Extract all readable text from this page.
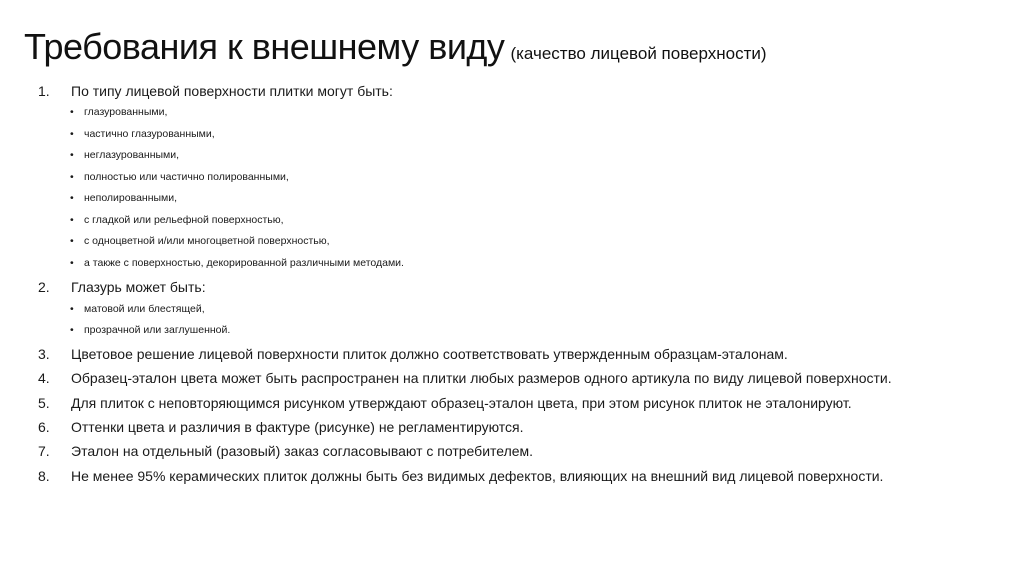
Требования к внешнему виду (качество лицевой поверхности)
1. По типу лицевой поверхности плитки могут быть:
• глазурованными,
• частично глазурованными,
• неглазурованными,
• полностью или частично полированными,
• неполированными,
• с гладкой или рельефной поверхностью,
• с одноцветной и/или многоцветной поверхностью,
• а также с поверхностью, декорированной различными методами.
2. Глазурь может быть:
• матовой или блестящей,
• прозрачной или заглушенной.
3. Цветовое решение лицевой поверхности плиток должно соответствовать утвержденным образцам-эталонам.
4. Образец-эталон цвета может быть распространен на плитки любых размеров одного артикула по виду лицевой поверхности.
5. Для плиток с неповторяющимся рисунком утверждают образец-эталон цвета, при этом рисунок плиток не эталонируют.
6. Оттенки цвета и различия в фактуре (рисунке) не регламентируются.
7. Эталон на отдельный (разовый) заказ согласовывают с потребителем.
8. Не менее 95% керамических плиток должны быть без видимых дефектов, влияющих на внешний вид лицевой поверхности.
